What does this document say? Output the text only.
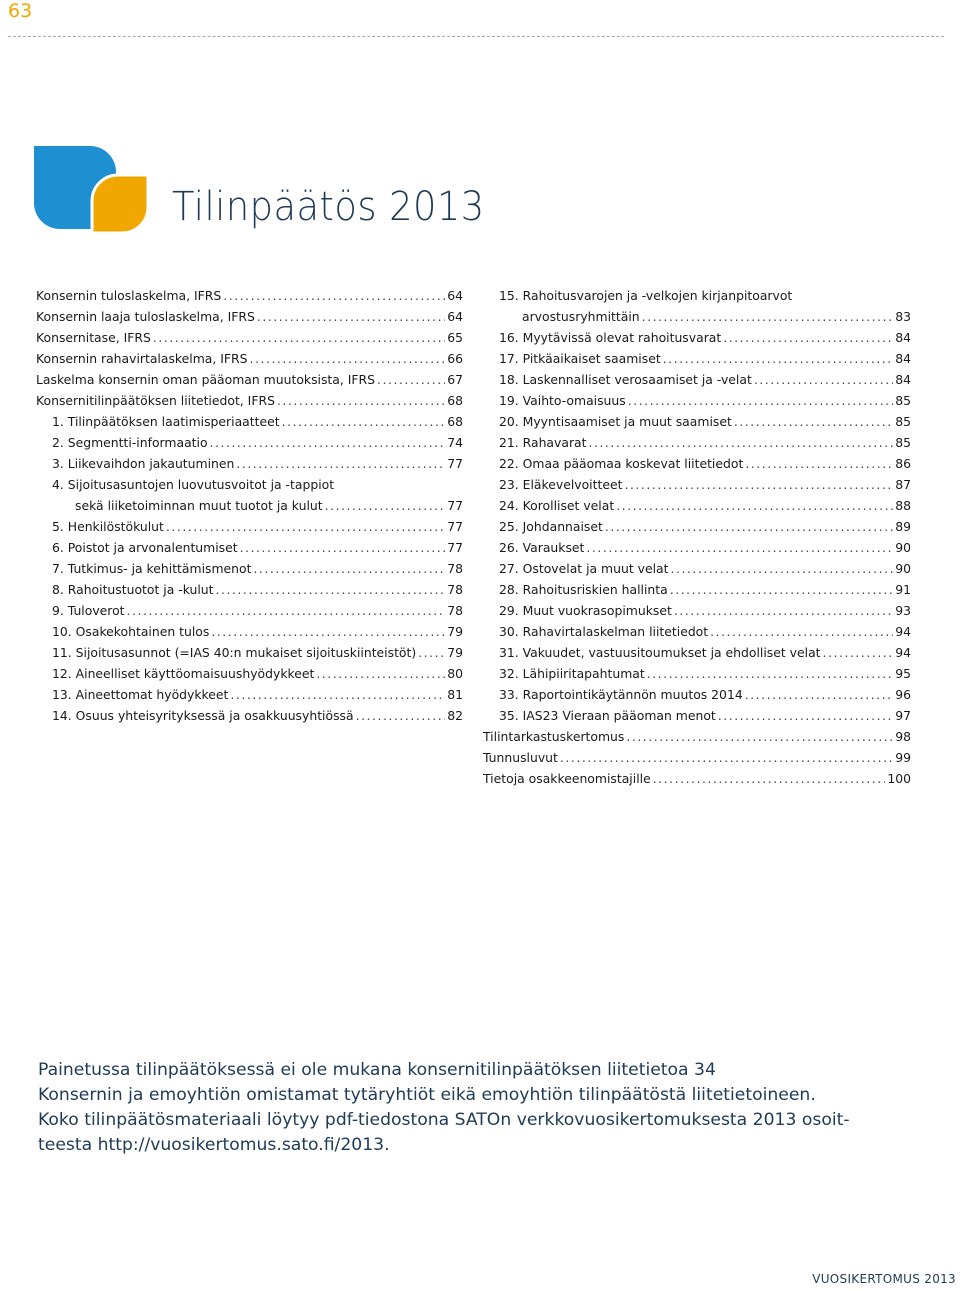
63
Tilinpäätös 2013
Konsernin tuloslaskelma, IFRS . . .	64
Konsernin laaja tuloslaskelma, IFRS . . .	64
Konsernitase, IFRS . . .	65
Konsernin rahavirtalaskelma, IFRS . . .	66
Laskelma konsernin oman pääoman muutoksista, IFRS . . .	67
Konsernitilinpäätöksen liitetiedot, IFRS . . .	68
1. Tilinpäätöksen laatimisperiaatteet . . .	68
2. Segmentti-informaatio . . .	74
3. Liikevaihdon jakautuminen . . .	77
4. Sijoitusasuntojen luovutusvoitot ja -tappiot
sekä liiketoiminnan muut tuotot ja kulut . . .	77
5. Henkilöstökulut . . .	77
6. Poistot ja arvonalentumiset . . .	77
7. Tutkimus- ja kehittämismenot . . .	78
8. Rahoitustuotot ja -kulut . . .	78
9. Tuloverot . . .	78
10. Osakekohtainen tulos . . .	79
11. Sijoitusasunnot (=IAS 40:n mukaiset sijoituskiinteistöt) . . .	79
12. Aineelliset käyttöomaisuushyödykkeet . . .	80
13. Aineettomat hyödykkeet . . .	81
14. Osuus yhteisyrityksessä ja osakkuusyhtiössä . . .	82
15. Rahoitusvarojen ja -velkojen kirjanpitoarvot
arvostusryhmittäin . . .	83
16. Myytävissä olevat rahoitusvarat . . .	84
17. Pitkäaikaiset saamiset . . .	84
18. Laskennalliset verosaamiset ja -velat . . .	84
19. Vaihto-omaisuus . . .	85
20. Myyntisaamiset ja muut saamiset . . .	85
21. Rahavarat . . .	85
22. Omaa pääomaa koskevat liitetiedot . . .	86
23. Eläkevelvoitteet . . .	87
24. Korolliset velat . . .	88
25. Johdannaiset . . .	89
26. Varaukset . . .	90
27. Ostovelat ja muut velat . . .	90
28. Rahoitusriskien hallinta . . .	91
29. Muut vuokrasopimukset . . .	93
30. Rahavirtalaskelman liitetiedot . . .	94
31. Vakuudet, vastuusitoumukset ja ehdolliset velat . . .	94
32. Lähipiiritapahtumat . . .	95
33. Raportointikäytännön muutos 2014 . . .	96
35. IAS23 Vieraan pääoman menot . . .	97
Tilintarkastuskertomus . . .	98
Tunnusluvut . . .	99
Tietoja osakkeenomistajille . . .	100
Painetussa tilinpäätöksessä ei ole mukana konsernitilinpäätöksen liitetietoa 34
Konsernin ja emoyhtiön omistamat tytäryhtiöt eikä emoyhtiön tilinpäätöstä liitetietoineen.
Koko tilinpäätösmateriaali löytyy pdf-tiedostona SATOn verkkovuosikertomuksesta 2013 osoit-
teesta http://vuosikertomus.sato.fi/2013.
VUOSIKERTOMUS 2013
